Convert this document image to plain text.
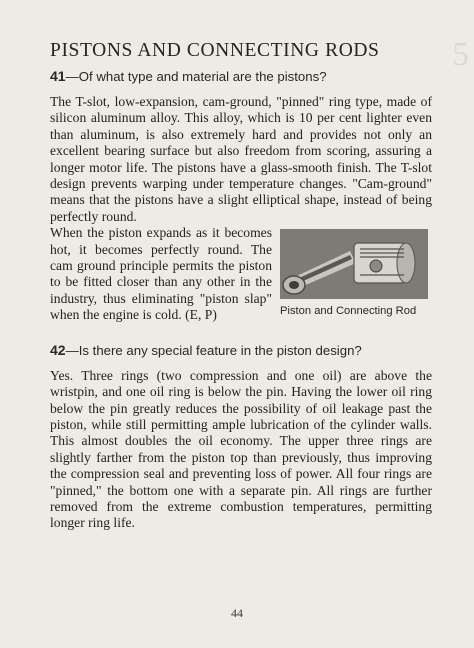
5
PISTONS AND CONNECTING RODS
41—Of what type and material are the pistons?

The T-slot, low-expansion, cam-ground, "pinned" ring type, made of silicon aluminum alloy. This alloy, which is 10 per cent lighter even than aluminum, is also extremely hard and provides not only an excellent bearing surface but also freedom from scoring, assuring a longer motor life. The pistons have a glass-smooth finish. The T-slot design prevents warping under temperature changes. "Cam-ground" means that the pistons have a slight elliptical shape, instead of being perfectly round.

Piston and Connecting Rod

When the piston expands as it becomes hot, it becomes perfectly round. The cam ground principle permits the piston to be fitted closer than any other in the industry, thus eliminating "piston slap" when the engine is cold. (E, P)

42—Is there any special feature in the piston design?

Yes. Three rings (two compression and one oil) are above the wristpin, and one oil ring is below the pin. Having the lower oil ring below the pin greatly reduces the possibility of oil leakage past the piston, while still permitting ample lubrication of the cylinder walls. This almost doubles the oil economy. The upper three rings are slightly farther from the piston top than previously, thus improving the compression seal and preventing loss of power. All four rings are "pinned," the bottom one with a separate pin. All rings are further removed from the extreme combustion temperatures, permitting longer ring life.

44
